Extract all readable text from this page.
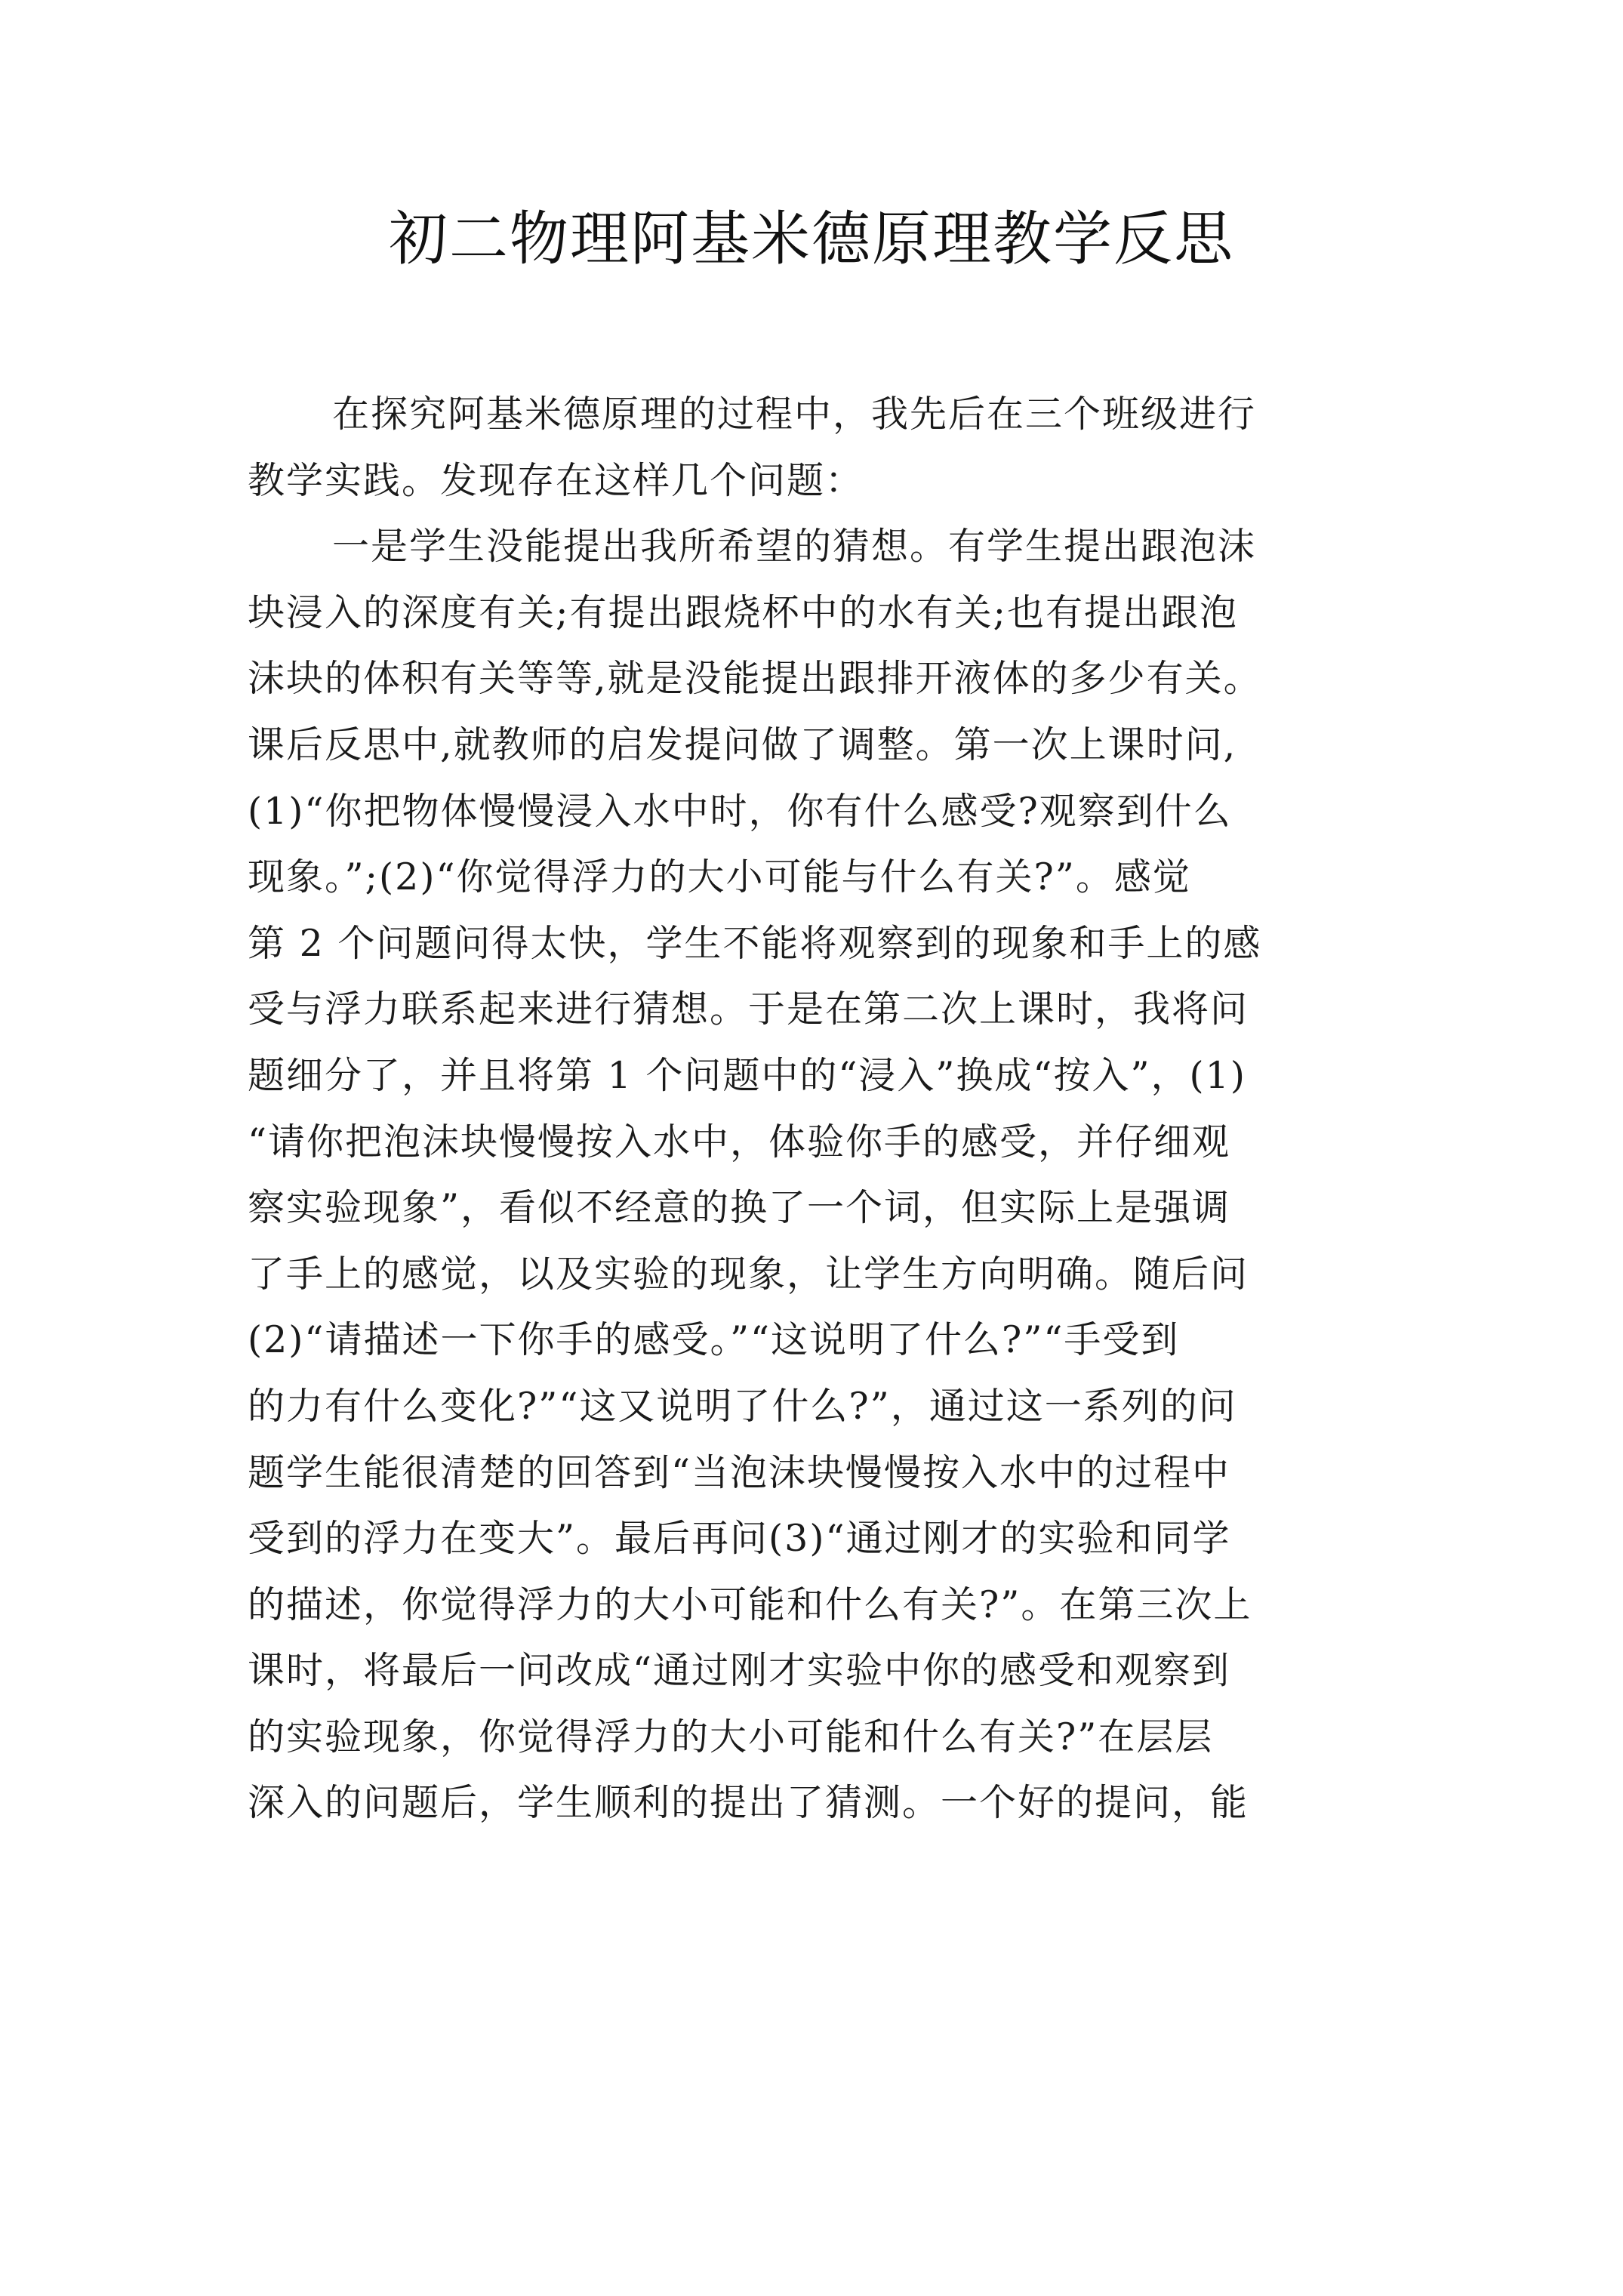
初二物理阿基米德原理教学反思
在探究阿基米德原理的过程中，我先后在三个班级进行
教学实践。发现存在这样几个问题：
一是学生没能提出我所希望的猜想。有学生提出跟泡沫
块浸入的深度有关;有提出跟烧杯中的水有关;也有提出跟泡
沫块的体积有关等等,就是没能提出跟排开液体的多少有关。
课后反思中,就教师的启发提问做了调整。第一次上课时问,
(1)“你把物体慢慢浸入水中时，你有什么感受?观察到什么
现象。”;(2)“你觉得浮力的大小可能与什么有关?”。感觉
第 2 个问题问得太快，学生不能将观察到的现象和手上的感
受与浮力联系起来进行猜想。于是在第二次上课时，我将问
题细分了，并且将第 1 个问题中的“浸入”换成“按入”，(1)
“请你把泡沫块慢慢按入水中，体验你手的感受，并仔细观
察实验现象”，看似不经意的换了一个词，但实际上是强调
了手上的感觉，以及实验的现象，让学生方向明确。随后问
(2)“请描述一下你手的感受。”“这说明了什么?”“手受到
的力有什么变化?”“这又说明了什么?”，通过这一系列的问
题学生能很清楚的回答到“当泡沫块慢慢按入水中的过程中
受到的浮力在变大”。最后再问(3)“通过刚才的实验和同学
的描述，你觉得浮力的大小可能和什么有关?”。在第三次上
课时，将最后一问改成“通过刚才实验中你的感受和观察到
的实验现象，你觉得浮力的大小可能和什么有关?”在层层
深入的问题后，学生顺利的提出了猜测。一个好的提问，能
